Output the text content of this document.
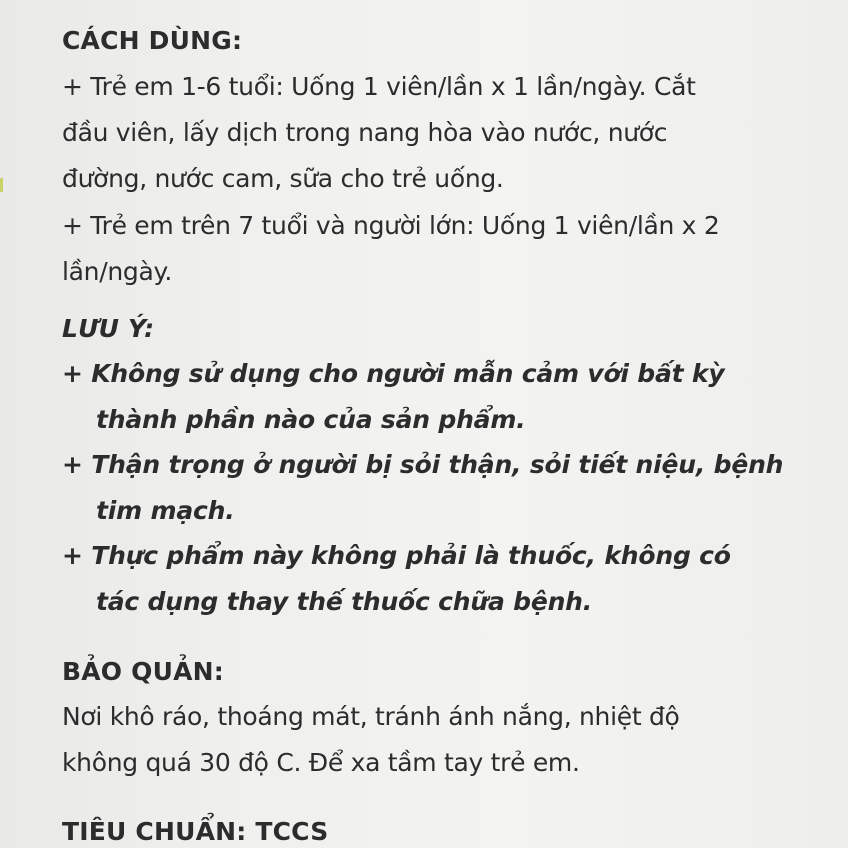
CÁCH DÙNG:
+ Trẻ em 1-6 tuổi: Uống 1 viên/lần x 1 lần/ngày. Cắt
đầu viên, lấy dịch trong nang hòa vào nước, nước
đường, nước cam, sữa cho trẻ uống.
+ Trẻ em trên 7 tuổi và người lớn: Uống 1 viên/lần x 2
lần/ngày.
LƯU Ý:
+ Không sử dụng cho người mẫn cảm với bất kỳ
thành phần nào của sản phẩm.
+ Thận trọng ở người bị sỏi thận, sỏi tiết niệu, bệnh
tim mạch.
+ Thực phẩm này không phải là thuốc, không có
tác dụng thay thế thuốc chữa bệnh.
BẢO QUẢN:
Nơi khô ráo, thoáng mát, tránh ánh nắng, nhiệt độ
không quá 30 độ C. Để xa tầm tay trẻ em.
TIÊU CHUẨN: TCCS
